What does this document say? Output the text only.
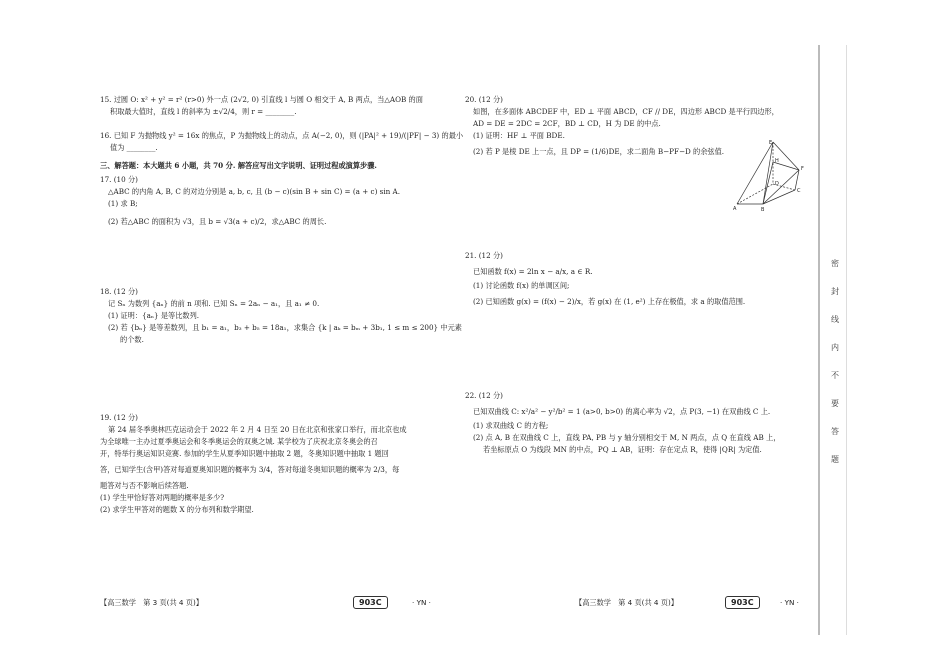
15. 过圆 O: x² + y² = r² (r>0) 外一点 (2√2, 0) 引直线 l 与圆 O 相交于 A, B 两点，当△AOB 的面

积取最大值时，直线 l 的斜率为 ±√2/4，则 r = ________.

16. 已知 F 为抛物线 y² = 16x 的焦点，P 为抛物线上的动点，点 A(−2, 0)，则 (|PA|² + 19)/(|PF| − 3) 的最小

值为 ________.

三、解答题：本大题共 6 小题，共 70 分. 解答应写出文字说明、证明过程或演算步骤.

17. (10 分)

△ABC 的内角 A, B, C 的对边分别是 a, b, c, 且 (b − c)(sin B + sin C) = (a + c) sin A.

(1) 求 B;

(2) 若△ABC 的面积为 √3，且 b = √3(a + c)/2，求△ABC 的周长.

18. (12 分)

记 Sₙ 为数列 {aₙ} 的前 n 项和. 已知 Sₙ = 2aₙ − a₁，且 a₁ ≠ 0.

(1) 证明：{aₙ} 是等比数列.

(2) 若 {bₙ} 是等差数列，且 b₁ = a₁，b₃ + b₅ = 18a₁，求集合 {k | aₖ = bₘ + 3b₁, 1 ≤ m ≤ 200} 中元素

的个数.

19. (12 分)

第 24 届冬季奥林匹克运动会于 2022 年 2 月 4 日至 20 日在北京和张家口举行，而北京也成

为全球唯一主办过夏季奥运会和冬季奥运会的双奥之城. 某学校为了庆祝北京冬奥会的召

开，特举行奥运知识竞赛. 参加的学生从夏季知识题中抽取 2 题，冬奥知识题中抽取 1 题回

答，已知学生(含甲)答对每道夏奥知识题的概率为 3/4，答对每道冬奥知识题的概率为 2/3，每

题答对与否不影响后续答题.

(1) 学生甲恰好答对两题的概率是多少?

(2) 求学生甲答对的题数 X 的分布列和数学期望.

【高三数学　第 3 页(共 4 页)】	903C	· YN ·

20. (12 分)

如图，在多面体 ABCDEF 中，ED ⊥ 平面 ABCD，CF // DE，四边形 ABCD 是平行四边形，

AD = DE = 2DC = 2CF，BD ⊥ CD，H 为 DE 的中点.

(1) 证明：HF ⊥ 平面 BDE.

(2) 若 P 是棱 DE 上一点，且 DP = (1/6)DE，求二面角 B−PF−D 的余弦值.

21. (12 分)

已知函数 f(x) = 2ln x − a/x, a ∈ R.

(1) 讨论函数 f(x) 的单调区间;

(2) 已知函数 g(x) = (f(x) − 2)/x，若 g(x) 在 (1, e²) 上存在极值，求 a 的取值范围.

22. (12 分)

已知双曲线 C: x²/a² − y²/b² = 1 (a>0, b>0) 的离心率为 √2，点 P(3, −1) 在双曲线 C 上.

(1) 求双曲线 C 的方程;

(2) 点 A, B 在双曲线 C 上，直线 PA, PB 与 y 轴分别相交于 M, N 两点，点 Q 在直线 AB 上，

若坐标原点 O 为线段 MN 的中点，PQ ⊥ AB，证明：存在定点 R，使得 |QR| 为定值.

E
H
F
D
C
A	B
【高三数学　第 4 页(共 4 页)】	903C	· YN ·
密
封
线
内
不
要
答
题
